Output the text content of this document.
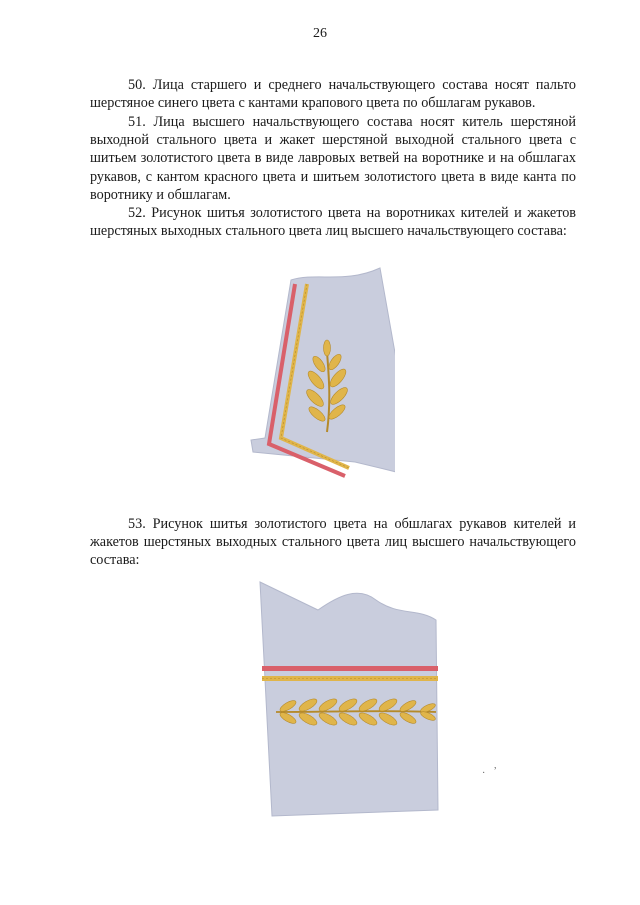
26

50. Лица старшего и среднего начальствующего состава носят пальто шерстяное синего цвета с кантами крапового цвета по обшлагам рукавов.

51. Лица высшего начальствующего состава носят китель шерстяной выходной стального цвета и жакет шерстяной выходной стального цвета с шитьем золотистого цвета в виде лавровых ветвей на воротнике и на обшлагах рукавов, с кантом красного цвета и шитьем золотистого цвета в виде канта по воротнику и обшлагам.

52. Рисунок шитья золотистого цвета на воротниках кителей и жакетов шерстяных выходных стального цвета лиц высшего начальствующего состава:

53. Рисунок шитья золотистого цвета на обшлагах рукавов кителей и жакетов шерстяных выходных стального цвета лиц высшего начальствующего состава:

·
,
